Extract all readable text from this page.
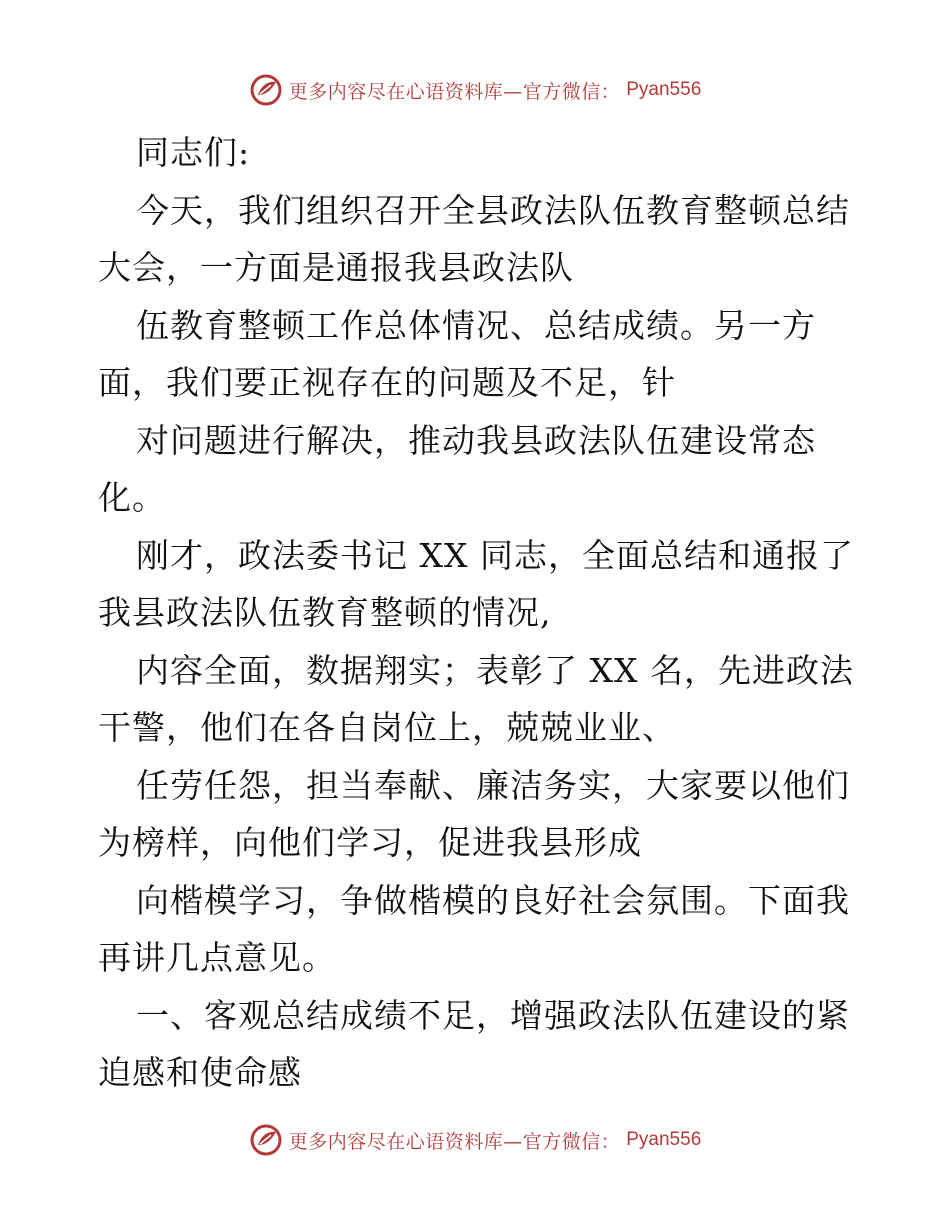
更多内容尽在心语资料库—官方微信： Pyan556
同志们:
今天，我们组织召开全县政法队伍教育整顿总结
大会，一方面是通报我县政法队
伍教育整顿工作总体情况、总结成绩。另一方
面，我们要正视存在的问题及不足，针
对问题进行解决，推动我县政法队伍建设常态
化。
刚才，政法委书记 XX 同志，全面总结和通报了
我县政法队伍教育整顿的情况,
内容全面，数据翔实；表彰了 XX 名，先进政法
干警，他们在各自岗位上，兢兢业业、
任劳任怨，担当奉献、廉洁务实，大家要以他们
为榜样，向他们学习，促进我县形成
向楷模学习，争做楷模的良好社会氛围。下面我
再讲几点意见。
一、客观总结成绩不足，增强政法队伍建设的紧
迫感和使命感
更多内容尽在心语资料库—官方微信： Pyan556
